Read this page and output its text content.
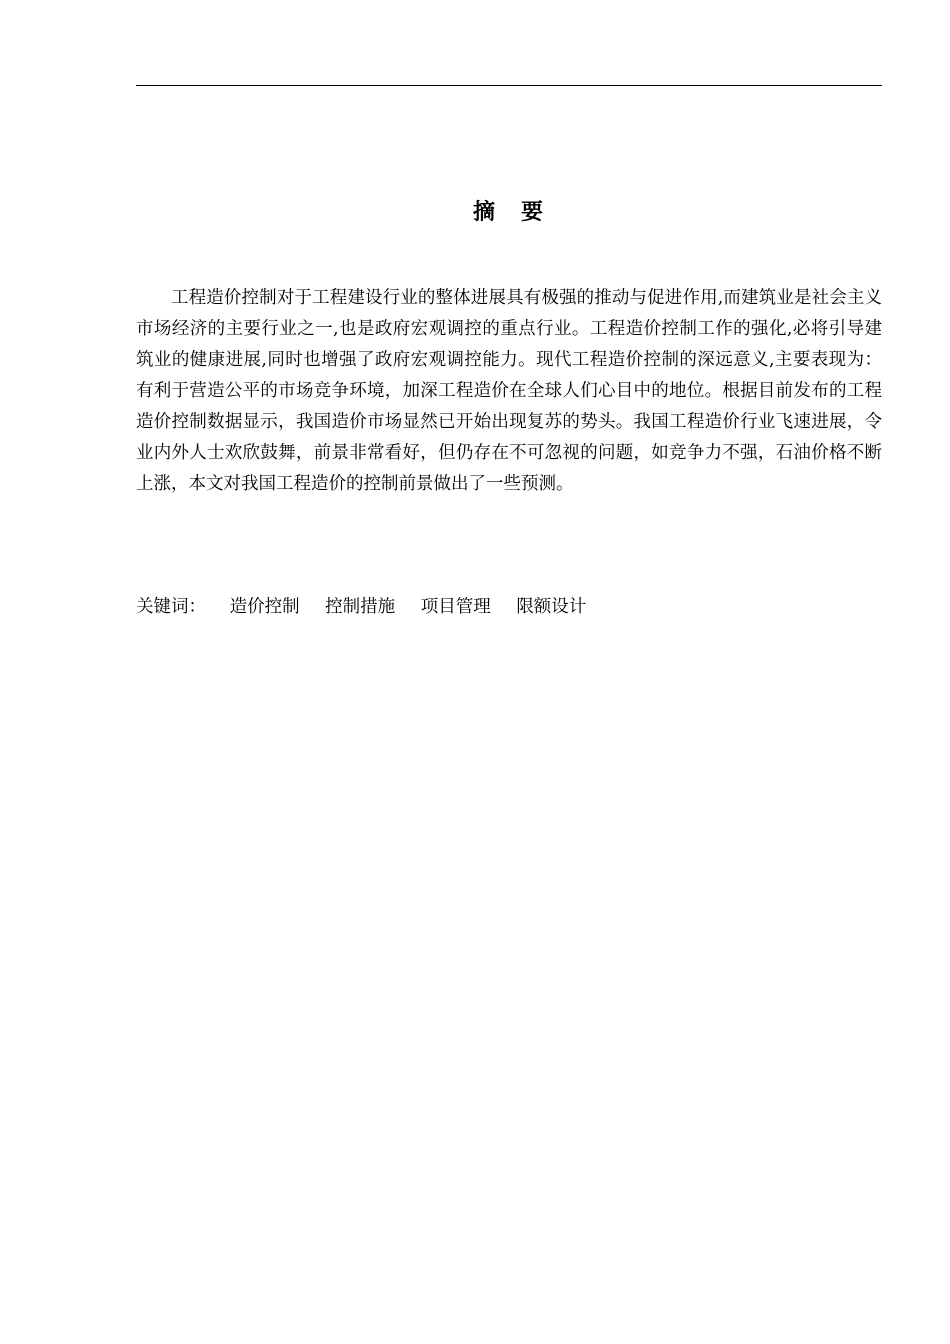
摘　要

工程造价控制对于工程建设行业的整体进展具有极强的推动与促进作用,而建筑业是社会主义市场经济的主要行业之一,也是政府宏观调控的重点行业。工程造价控制工作的强化,必将引导建筑业的健康进展,同时也增强了政府宏观调控能力。现代工程造价控制的深远意义,主要表现为：有利于营造公平的市场竞争环境，加深工程造价在全球人们心目中的地位。根据目前发布的工程造价控制数据显示，我国造价市场显然已开始出现复苏的势头。我国工程造价行业飞速进展，令业内外人士欢欣鼓舞，前景非常看好，但仍存在不可忽视的问题，如竞争力不强，石油价格不断上涨，本文对我国工程造价的控制前景做出了一些预测。

关键词： 造价控制 控制措施 项目管理 限额设计
